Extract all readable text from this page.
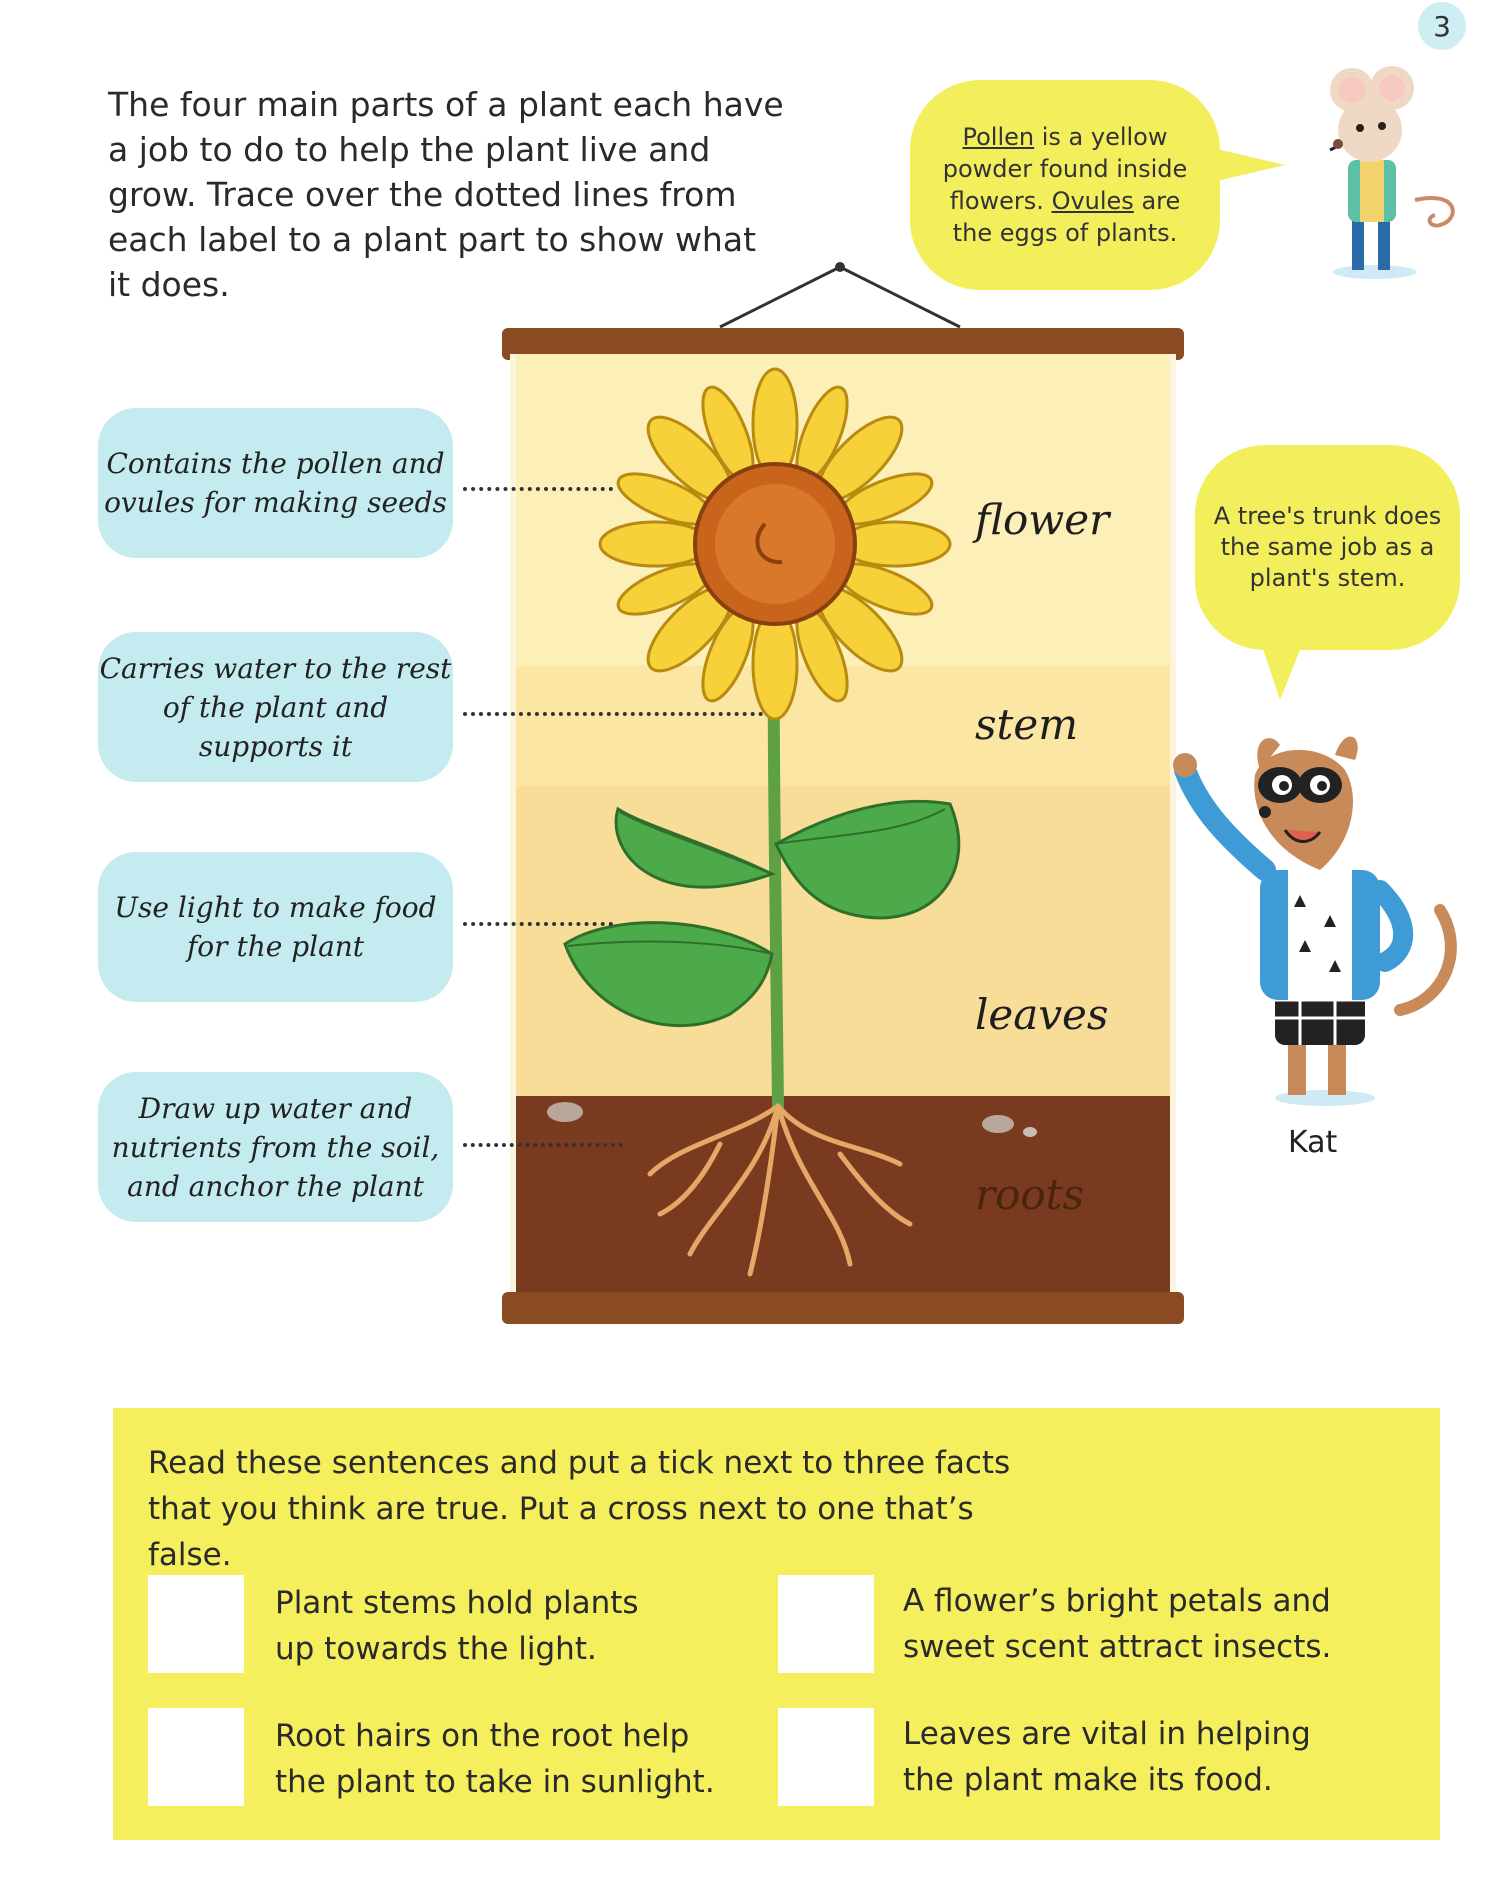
3
The four main parts of a plant each have a job to do to help the plant live and grow. Trace over the dotted lines from each label to a plant part to show what it does.
Pollen is a yellow powder found inside flowers. Ovules are the eggs of plants.
flower
stem
leaves
roots
Contains the pollen and ovules for making seeds
Carries water to the rest of the plant and supports it
Use light to make food for the plant
Draw up water and nutrients from the soil, and anchor the plant
A tree's trunk does the same job as a plant's stem.
Kat
Read these sentences and put a tick next to three facts that you think are true. Put a cross next to one that’s false.
Plant stems hold plants up towards the light.
A flower’s bright petals and sweet scent attract insects.
Root hairs on the root help the plant to take in sunlight.
Leaves are vital in helping the plant make its food.
